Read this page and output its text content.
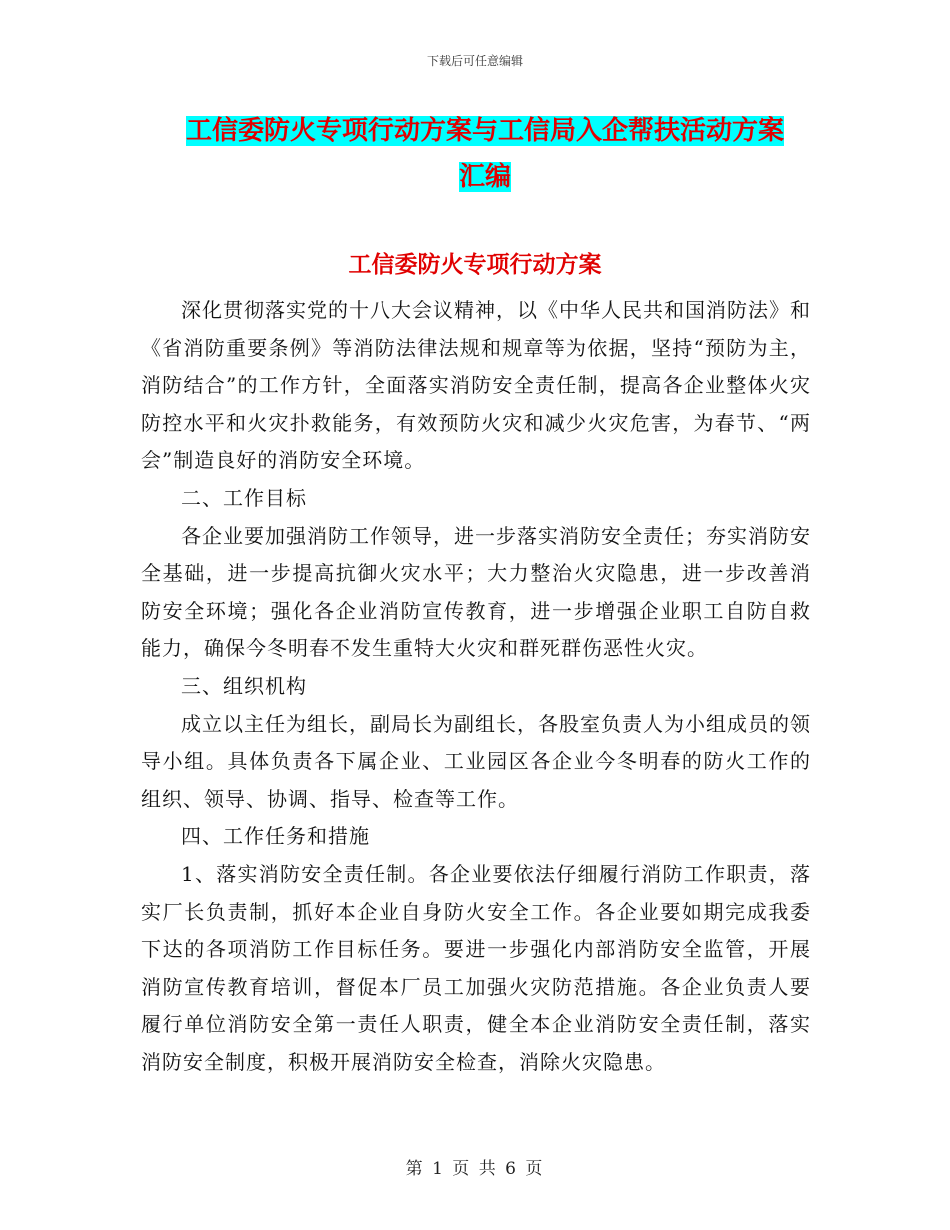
下载后可任意编辑
工信委防火专项行动方案与工信局入企帮扶活动方案
汇编
工信委防火专项行动方案

深化贯彻落实党的十八大会议精神，以《中华人民共和国消防法》和《省消防重要条例》等消防法律法规和规章等为依据，坚持“预防为主，消防结合”的工作方针，全面落实消防安全责任制，提高各企业整体火灾防控水平和火灾扑救能务，有效预防火灾和减少火灾危害，为春节、“两会”制造良好的消防安全环境。

二、工作目标

各企业要加强消防工作领导，进一步落实消防安全责任；夯实消防安全基础，进一步提高抗御火灾水平；大力整治火灾隐患，进一步改善消防安全环境；强化各企业消防宣传教育，进一步增强企业职工自防自救能力，确保今冬明春不发生重特大火灾和群死群伤恶性火灾。

三、组织机构

成立以主任为组长，副局长为副组长，各股室负责人为小组成员的领导小组。具体负责各下属企业、工业园区各企业今冬明春的防火工作的组织、领导、协调、指导、检查等工作。

四、工作任务和措施

1、落实消防安全责任制。各企业要依法仔细履行消防工作职责，落实厂长负责制，抓好本企业自身防火安全工作。各企业要如期完成我委下达的各项消防工作目标任务。要进一步强化内部消防安全监管，开展消防宣传教育培训，督促本厂员工加强火灾防范措施。各企业负责人要履行单位消防安全第一责任人职责，健全本企业消防安全责任制，落实消防安全制度，积极开展消防安全检查，消除火灾隐患。

第 1 页 共 6 页
